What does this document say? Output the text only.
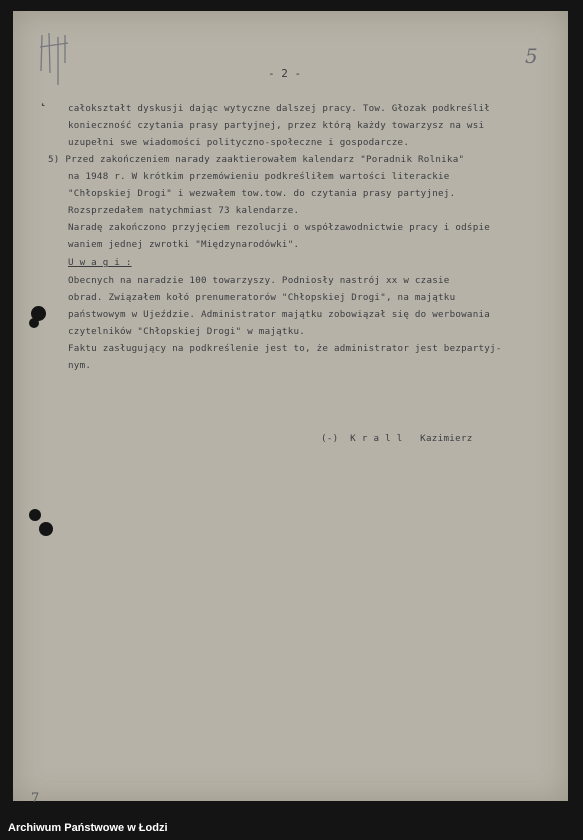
˛
- 2 -
5

całokształt dyskusji dając wytyczne dalszej pracy. Tow. Głozak podkreślił

konieczność czytania prasy partyjnej, przez którą każdy towarzysz na wsi

uzupełni swe wiadomości polityczno-społeczne i gospodarcze.

5) Przed zakończeniem narady zaaktierowałem kalendarz "Poradnik Rolnika"

na 1948 r. W krótkim przemówieniu podkreśliłem wartości literackie

"Chłopskiej Drogi" i wezwałem tow.tow. do czytania prasy partyjnej.

Rozsprzedałem natychmiast 73 kalendarze.

Naradę zakończono przyjęciem rezolucji o współzawodnictwie pracy i odśpie

waniem jednej zwrotki "Międzynarodówki".

U w a g i :

Obecnych na naradzie 100 towarzyszy. Podniosły nastrój xx w czasie

obrad. Związałem kołó prenumeratorów "Chłopskiej Drogi", na majątku

państwowym w Ujeździe. Administrator majątku zobowiązał się do werbowania

czytelników "Chłopskiej Drogi" w majątku.

Faktu zasługujący na podkreślenie jest to, że administrator jest bezpartyj-

nym.

(-)  K r a l l   Kazimierz
7
Archiwum Państwowe w Łodzi
